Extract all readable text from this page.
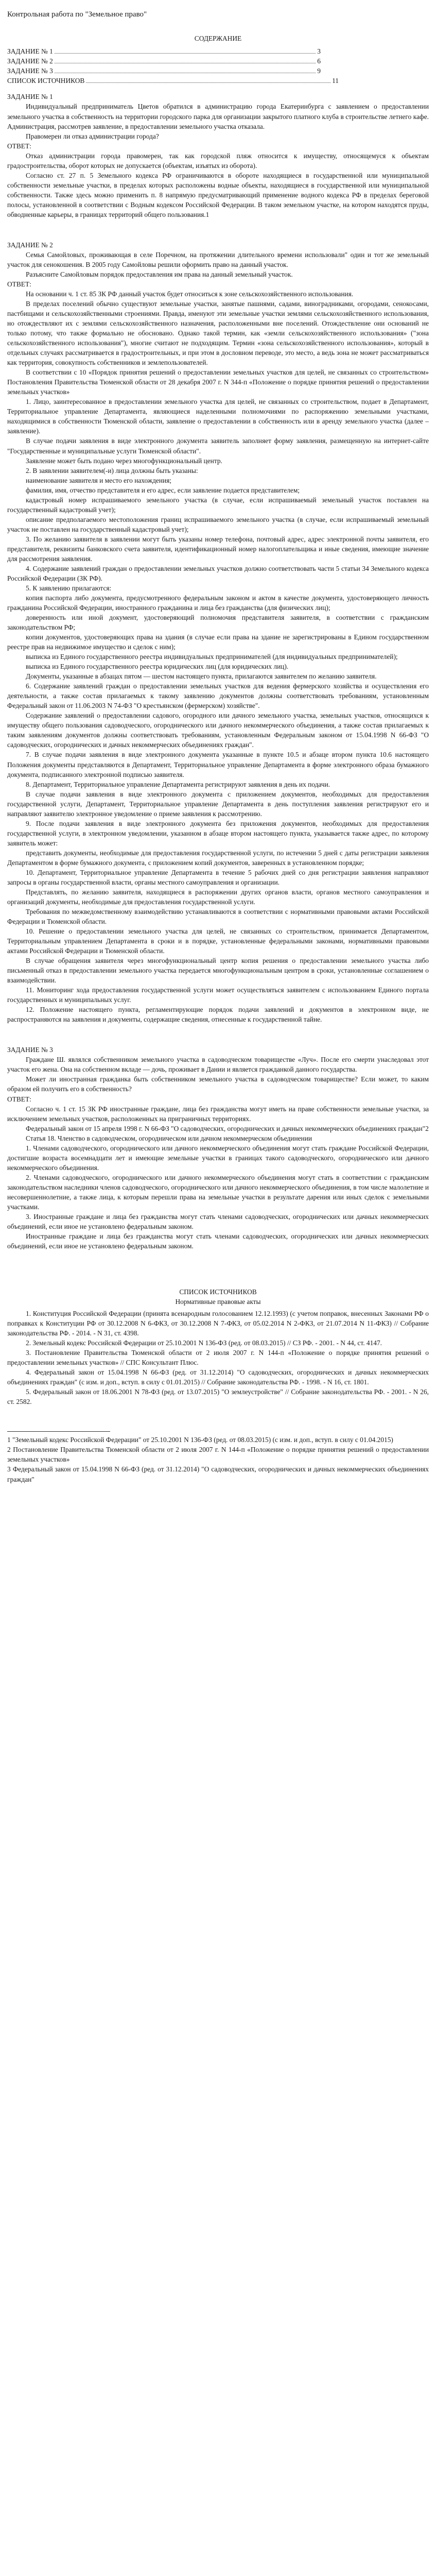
Контрольная работа по "Земельное право"
СОДЕРЖАНИЕ
ЗАДАНИЕ № 1	3
ЗАДАНИЕ № 2	6
ЗАДАНИЕ № 3	9
СПИСОК ИСТОЧНИКОВ	11

ЗАДАНИЕ № 1

Индивидуальный предприниматель Цветов обратился в администрацию города Екатеринбурга с заявлением о предоставлении земельного участка в собственность на территории городского парка для организации закрытого платного клуба в строительстве летнего кафе. Администрация, рассмотрев заявление, в предоставлении земельного участка отказала.

Правомерен ли отказ администрации города?

ОТВЕТ:

Отказ администрации города правомерен, так как городской пляж относится к имуществу, относящемуся к объектам градостроительства, оборот которых не допускается (объектам, изъятых из оборота).

Согласно ст. 27 п. 5 Земельного кодекса РФ ограничиваются в обороте находящиеся в государственной или муниципальной собственности земельные участки, в пределах которых расположены водные объекты, находящиеся в государственной или муниципальной собственности. Также здесь можно применить п. 8 напрямую предусматривающий применение водного кодекса РФ в пределах береговой полосы, установленной в соответствии с Водным кодексом Российской Федерации. В таком земельном участке, на котором находятся пруды, обводненные карьеры, в границах территорий общего пользования.1

ЗАДАНИЕ № 2

Семья Самойловых, проживающая в селе Поречном, на протяжении длительного времени использовали" один и тот же земельный участок для сенокошения. В 2005 году Самойловы решили оформить право на данный участок.

Разъясните Самойловым порядок предоставления им права на данный земельный участок.

ОТВЕТ:

На основании ч. 1 ст. 85 ЗК РФ данный участок будет относиться к зоне сельскохозяйственного использования.

В пределах поселений обычно существуют земельные участки, занятые пашнями, садами, виноградниками, огородами, сенокосами, пастбищами и сельскохозяйственными строениями. Правда, именуют эти земельные участки землями сельскохозяйственного использования, но отождествляют их с землями сельскохозяйственного назначения, расположенными вне поселений. Отождествление они оснований не только потому, что также формально не обосновано. Однако такой термин, как «земли сельскохозяйственного использования» ("зона сельскохозяйственного использования"), многие считают не подходящим. Термин «зона сельскохозяйственного использования», который в отдельных случаях рассматривается в градостроительных, и при этом в дословном переводе, это место, а ведь зона не может рассматриваться как территория, совокупность собственников и землепользователей.

В соответствии с 10 «Порядок принятия решений о предоставлении земельных участков для целей, не связанных со строительством» Постановления Правительства Тюменской области от 28 декабря 2007 г. N 344-п «Положение о порядке принятия решений о предоставлении земельных участков»

1. Лицо, заинтересованное в предоставлении земельного участка для целей, не связанных со строительством, подает в Департамент, Территориальное управление Департамента, являющиеся наделенными полномочиями по распоряжению земельными участками, находящимися в собственности Тюменской области, заявление о предоставлении в собственность или в аренду земельного участка (далее – заявление).

В случае подачи заявления в виде электронного документа заявитель заполняет форму заявления, размещенную на интернет-сайте "Государственные и муниципальные услуги Тюменской области".

Заявление может быть подано через многофункциональный центр.

2. В заявлении заявителем(-и) лица должны быть указаны:

наименование заявителя и место его нахождения;

фамилия, имя, отчество представителя и его адрес, если заявление подается представителем;

кадастровый номер испрашиваемого земельного участка (в случае, если испрашиваемый земельный участок поставлен на государственный кадастровый учет);

описание предполагаемого местоположения границ испрашиваемого земельного участка (в случае, если испрашиваемый земельный участок не поставлен на государственный кадастровый учет);

3. По желанию заявителя в заявлении могут быть указаны номер телефона, почтовый адрес, адрес электронной почты заявителя, его представителя, реквизиты банковского счета заявителя, идентификационный номер налогоплательщика и иные сведения, имеющие значение для рассмотрения заявления.

4. Содержание заявлений граждан о предоставлении земельных участков должно соответствовать части 5 статьи 34 Земельного кодекса Российской Федерации (ЗК РФ).

5. К заявлению прилагаются:

копия паспорта либо документа, предусмотренного федеральным законом и актом в качестве документа, удостоверяющего личность гражданина Российской Федерации, иностранного гражданина и лица без гражданства (для физических лиц);

доверенность или иной документ, удостоверяющий полномочия представителя заявителя, в соответствии с гражданским законодательством РФ;

копии документов, удостоверяющих права на здания (в случае если права на здание не зарегистрированы в Едином государственном реестре прав на недвижимое имущество и сделок с ним);

выписка из Единого государственного реестра индивидуальных предпринимателей (для индивидуальных предпринимателей);

выписка из Единого государственного реестра юридических лиц (для юридических лиц).

Документы, указанные в абзацах пятом — шестом настоящего пункта, прилагаются заявителем по желанию заявителя.

6. Содержание заявлений граждан о предоставлении земельных участков для ведения фермерского хозяйства и осуществления его деятельности, а также состав прилагаемых к такому заявлению документов должны соответствовать требованиям, установленным Федеральный закон от 11.06.2003 N 74-ФЗ "О крестьянском (фермерском) хозяйстве".

Содержание заявлений о предоставлении садового, огородного или дачного земельного участка, земельных участков, относящихся к имуществу общего пользования садоводческого, огороднического или дачного некоммерческого объединения, а также состав прилагаемых к таким заявлениям документов должны соответствовать требованиям, установленным Федеральным законом от 15.04.1998 N 66-ФЗ "О садоводческих, огороднических и дачных некоммерческих объединениях граждан".

7. В случае подачи заявления в виде электронного документа указанные в пункте 10.5 и абзаце втором пункта 10.6 настоящего Положения документы представляются в Департамент, Территориальное управление Департамента в форме электронного образа бумажного документа, подписанного электронной подписью заявителя.

8. Департамент, Территориальное управление Департамента регистрируют заявления в день их подачи.

В случае подачи заявления в виде электронного документа с приложением документов, необходимых для предоставления государственной услуги, Департамент, Территориальное управление Департамента в день поступления заявления регистрируют его и направляют заявителю электронное уведомление о приеме заявления к рассмотрению.

9. После подачи заявления в виде электронного документа без приложения документов, необходимых для предоставления государственной услуги, в электронном уведомлении, указанном в абзаце втором настоящего пункта, указывается также адрес, по которому заявитель может:

представить документы, необходимые для предоставления государственной услуги, по истечении 5 дней с даты регистрации заявления Департаментом в форме бумажного документа, с приложением копий документов, заверенных в установленном порядке;

10. Департамент, Территориальное управление Департамента в течение 5 рабочих дней со дня регистрации заявления направляют запросы в органы государственной власти, органы местного самоуправления и организации.

Представлять, по желанию заявителя, находящиеся в распоряжении других органов власти, органов местного самоуправления и организаций документы, необходимые для предоставления государственной услуги.

Требования по межведомственному взаимодействию устанавливаются в соответствии с нормативными правовыми актами Российской Федерации и Тюменской области.

10. Решение о предоставлении земельного участка для целей, не связанных со строительством, принимается Департаментом, Территориальным управлением Департамента в сроки и в порядке, установленные федеральными законами, нормативными правовыми актами Российской Федерации и Тюменской области.

В случае обращения заявителя через многофункциональный центр копия решения о предоставлении земельного участка либо письменный отказ в предоставлении земельного участка передается многофункциональным центром в сроки, установленные соглашением о взаимодействии.

11. Мониторинг хода предоставления государственной услуги может осуществляться заявителем с использованием Единого портала государственных и муниципальных услуг.

12. Положение настоящего пункта, регламентирующие порядок подачи заявлений и документов в электронном виде, не распространяются на заявления и документы, содержащие сведения, отнесенные к государственной тайне.

ЗАДАНИЕ № 3

Граждане Ш. являлся собственником земельного участка в садоводческом товариществе «Луч». После его смерти унаследовал этот участок его жена. Она на собственном вкладе — дочь, проживает в Дании и является гражданкой данного государства.

Может ли иностранная гражданка быть собственником земельного участка в садоводческом товариществе? Если может, то каким образом ей получить его в собственность?

ОТВЕТ:

Согласно ч. 1 ст. 15 ЗК РФ иностранные граждане, лица без гражданства могут иметь на праве собственности земельные участки, за исключением земельных участков, расположенных на приграничных территориях.

Федеральный закон от 15 апреля 1998 г. N 66-ФЗ "О садоводческих, огороднических и дачных некоммерческих объединениях граждан"2

Статья 18. Членство в садоводческом, огородническом или дачном некоммерческом объединении

1. Членами садоводческого, огороднического или дачного некоммерческого объединения могут стать граждане Российской Федерации, достигшие возраста восемнадцати лет и имеющие земельные участки в границах такого садоводческого, огороднического или дачного некоммерческого объединения.

2. Членами садоводческого, огороднического или дачного некоммерческого объединения могут стать в соответствии с гражданским законодательством наследники членов садоводческого, огороднического или дачного некоммерческого объединения, в том числе малолетние и несовершеннолетние, а также лица, к которым перешли права на земельные участки в результате дарения или иных сделок с земельными участками.

3. Иностранные граждане и лица без гражданства могут стать членами садоводческих, огороднических или дачных некоммерческих объединений, если иное не установлено федеральным законом.

Иностранные граждане и лица без гражданства могут стать членами садоводческих, огороднических или дачных некоммерческих объединений, если иное не установлено федеральным законом.

СПИСОК ИСТОЧНИКОВ
Нормативные правовые акты

1. Конституция Российской Федерации (принята всенародным голосованием 12.12.1993) (с учетом поправок, внесенных Законами РФ о поправках к Конституции РФ от 30.12.2008 N 6-ФКЗ, от 30.12.2008 N 7-ФКЗ, от 05.02.2014 N 2-ФКЗ, от 21.07.2014 N 11-ФКЗ) // Собрание законодательства РФ. - 2014. - N 31, ст. 4398.

2. Земельный кодекс Российской Федерации от 25.10.2001 N 136-ФЗ (ред. от 08.03.2015) // СЗ РФ. - 2001. - N 44, ст. 4147.

3. Постановление Правительства Тюменской области от 2 июля 2007 г. N 144-п «Положение о порядке принятия решений о предоставлении земельных участков» // СПС Консультант Плюс.

4. Федеральный закон от 15.04.1998 N 66-ФЗ (ред. от 31.12.2014) "О садоводческих, огороднических и дачных некоммерческих объединениях граждан" (с изм. и доп., вступ. в силу с 01.01.2015) // Собрание законодательства РФ. - 1998. - N 16, ст. 1801.

5. Федеральный закон от 18.06.2001 N 78-ФЗ (ред. от 13.07.2015) "О землеустройстве" // Собрание законодательства РФ. - 2001. - N 26, ст. 2582.

1 "Земельный кодекс Российской Федерации" от 25.10.2001 N 136-ФЗ (ред. от 08.03.2015) (с изм. и доп., вступ. в силу с 01.04.2015)

2 Постановление Правительства Тюменской области от 2 июля 2007 г. N 144-п «Положение о порядке принятия решений о предоставлении земельных участков»

3 Федеральный закон от 15.04.1998 N 66-ФЗ (ред. от 31.12.2014) "О садоводческих, огороднических и дачных некоммерческих объединениях граждан"
